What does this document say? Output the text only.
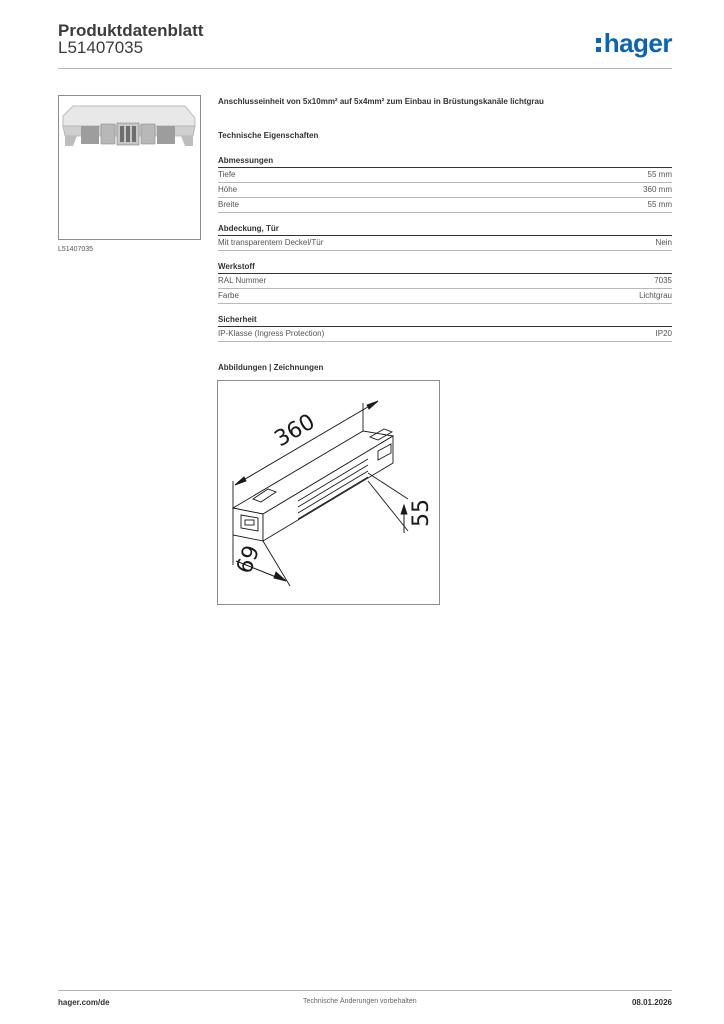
Produktdatenblatt
L51407035	hager
L51407035
Anschlusseinheit von 5x10mm² auf 5x4mm² zum Einbau in Brüstungskanäle lichtgrau
Technische Eigenschaften
Abmessungen
Tiefe	55 mm
Höhe	360 mm
Breite	55 mm
Abdeckung, Tür
Mit transparentem Deckel/Tür	Nein
Werkstoff
RAL Nummer	7035
Farbe	Lichtgrau
Sicherheit
IP-Klasse (Ingress Protection)	IP20
Abbildungen | Zeichnungen
360
55
69
hager.com/de	Technische Änderungen vorbehalten	08.01.2026
